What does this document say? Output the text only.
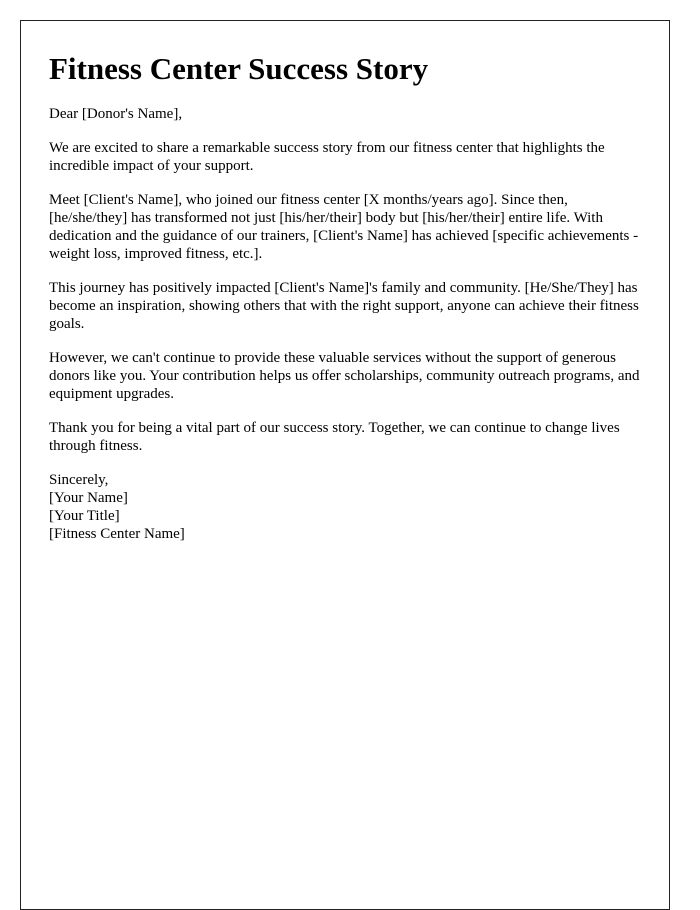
Fitness Center Success Story

Dear [Donor's Name],

We are excited to share a remarkable success story from our fitness center that highlights the incredible impact of your support.

Meet [Client's Name], who joined our fitness center [X months/years ago]. Since then, [he/she/they] has transformed not just [his/her/their] body but [his/her/their] entire life. With dedication and the guidance of our trainers, [Client's Name] has achieved [specific achievements - weight loss, improved fitness, etc.].

This journey has positively impacted [Client's Name]'s family and community. [He/She/They] has become an inspiration, showing others that with the right support, anyone can achieve their fitness goals.

However, we can't continue to provide these valuable services without the support of generous donors like you. Your contribution helps us offer scholarships, community outreach programs, and equipment upgrades.

Thank you for being a vital part of our success story. Together, we can continue to change lives through fitness.

Sincerely,

[Your Name]

[Your Title]

[Fitness Center Name]
